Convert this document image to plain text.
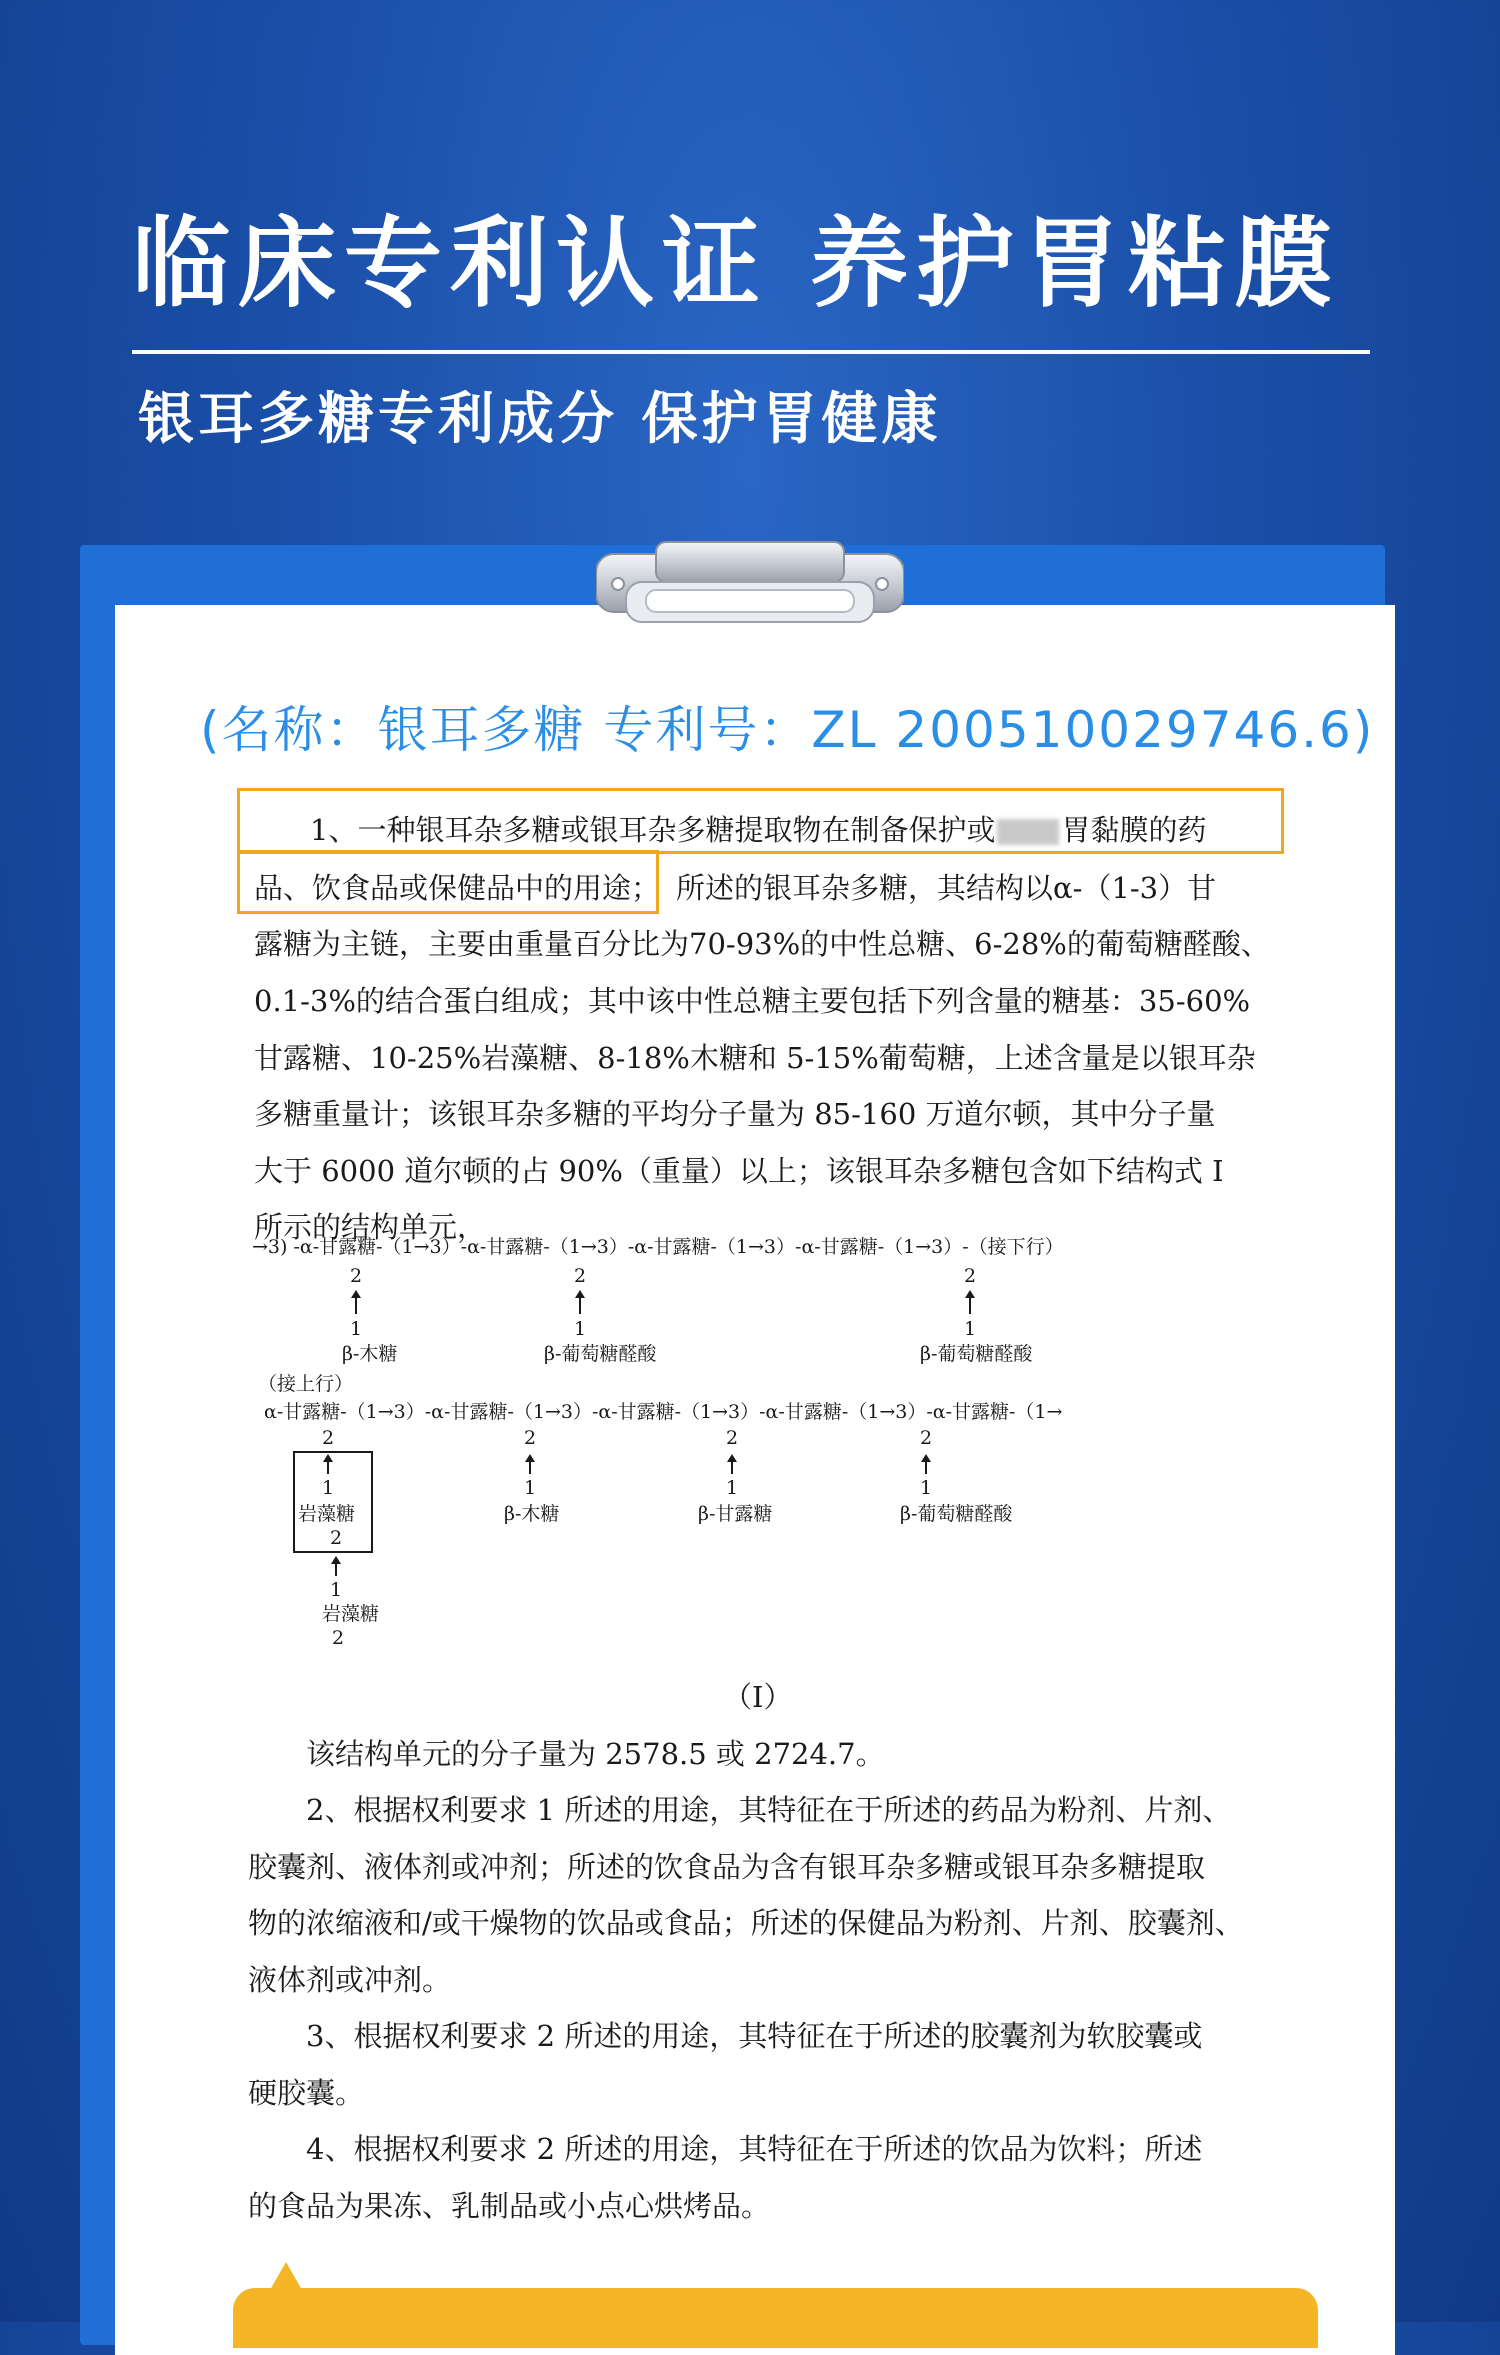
临床专利认证 养护胃粘膜
银耳多糖专利成分 保护胃健康
(名称：银耳多糖 专利号：ZL 200510029746.6)
1、一种银耳杂多糖或银耳杂多糖提取物在制备保护或 胃黏膜的药
品、饮食品或保健品中的用途； 所述的银耳杂多糖，其结构以α-（1-3）甘
露糖为主链，主要由重量百分比为70-93%的中性总糖、6-28%的葡萄糖醛酸、
0.1-3%的结合蛋白组成；其中该中性总糖主要包括下列含量的糖基：35-60%
甘露糖、10-25%岩藻糖、8-18%木糖和 5-15%葡萄糖，上述含量是以银耳杂
多糖重量计；该银耳杂多糖的平均分子量为 85-160 万道尔顿，其中分子量
大于 6000 道尔顿的占 90%（重量）以上；该银耳杂多糖包含如下结构式 I
所示的结构单元，
（I）
该结构单元的分子量为 2578.5 或 2724.7。
2、根据权利要求 1 所述的用途，其特征在于所述的药品为粉剂、片剂、
胶囊剂、液体剂或冲剂；所述的饮食品为含有银耳杂多糖或银耳杂多糖提取
物的浓缩液和/或干燥物的饮品或食品；所述的保健品为粉剂、片剂、胶囊剂、
液体剂或冲剂。
3、根据权利要求 2 所述的用途，其特征在于所述的胶囊剂为软胶囊或
硬胶囊。
4、根据权利要求 2 所述的用途，其特征在于所述的饮品为饮料；所述
的食品为果冻、乳制品或小点心烘烤品。
→3) -α-甘露糖-（1→3）-α-甘露糖-（1→3）-α-甘露糖-（1→3）-α-甘露糖-（1→3）-（接下行）
2
1
β-木糖
2
1
β-葡萄糖醛酸
2
1
β-葡萄糖醛酸
（接上行）
α-甘露糖-（1→3）-α-甘露糖-（1→3）-α-甘露糖-（1→3）-α-甘露糖-（1→3）-α-甘露糖-（1→
2
1
岩藻糖
2
1
岩藻糖
2
2
1
β-木糖
2
1
β-甘露糖
2
1
β-葡萄糖醛酸
